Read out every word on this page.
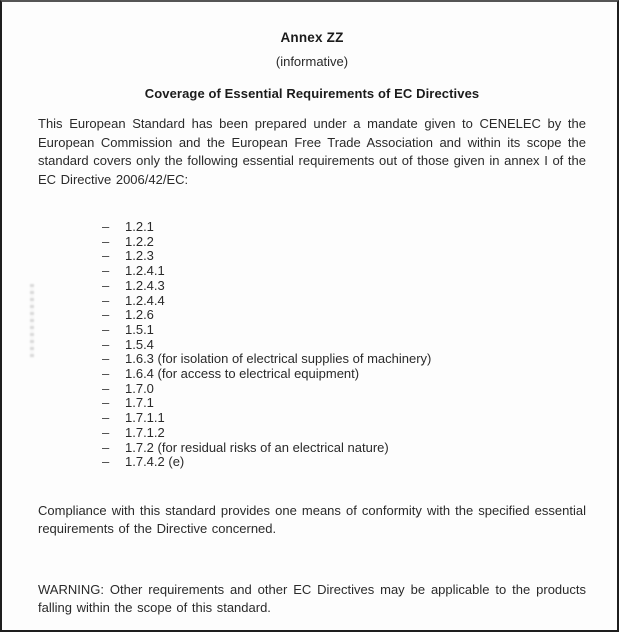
Annex ZZ
(informative)
Coverage of Essential Requirements of EC Directives

This European Standard has been prepared under a mandate given to CENELEC by the European Commission and the European Free Trade Association and within its scope the standard covers only the following essential requirements out of those given in annex I of the EC Directive 2006/42/EC:

–	1.2.1
–	1.2.2
–	1.2.3
–	1.2.4.1
–	1.2.4.3
–	1.2.4.4
–	1.2.6
–	1.5.1
–	1.5.4
–	1.6.3 (for isolation of electrical supplies of machinery)
–	1.6.4 (for access to electrical equipment)
–	1.7.0
–	1.7.1
–	1.7.1.1
–	1.7.1.2
–	1.7.2 (for residual risks of an electrical nature)
–	1.7.4.2 (e)

Compliance with this standard provides one means of conformity with the specified essential requirements of the Directive concerned.

WARNING: Other requirements and other EC Directives may be applicable to the products falling within the scope of this standard.
